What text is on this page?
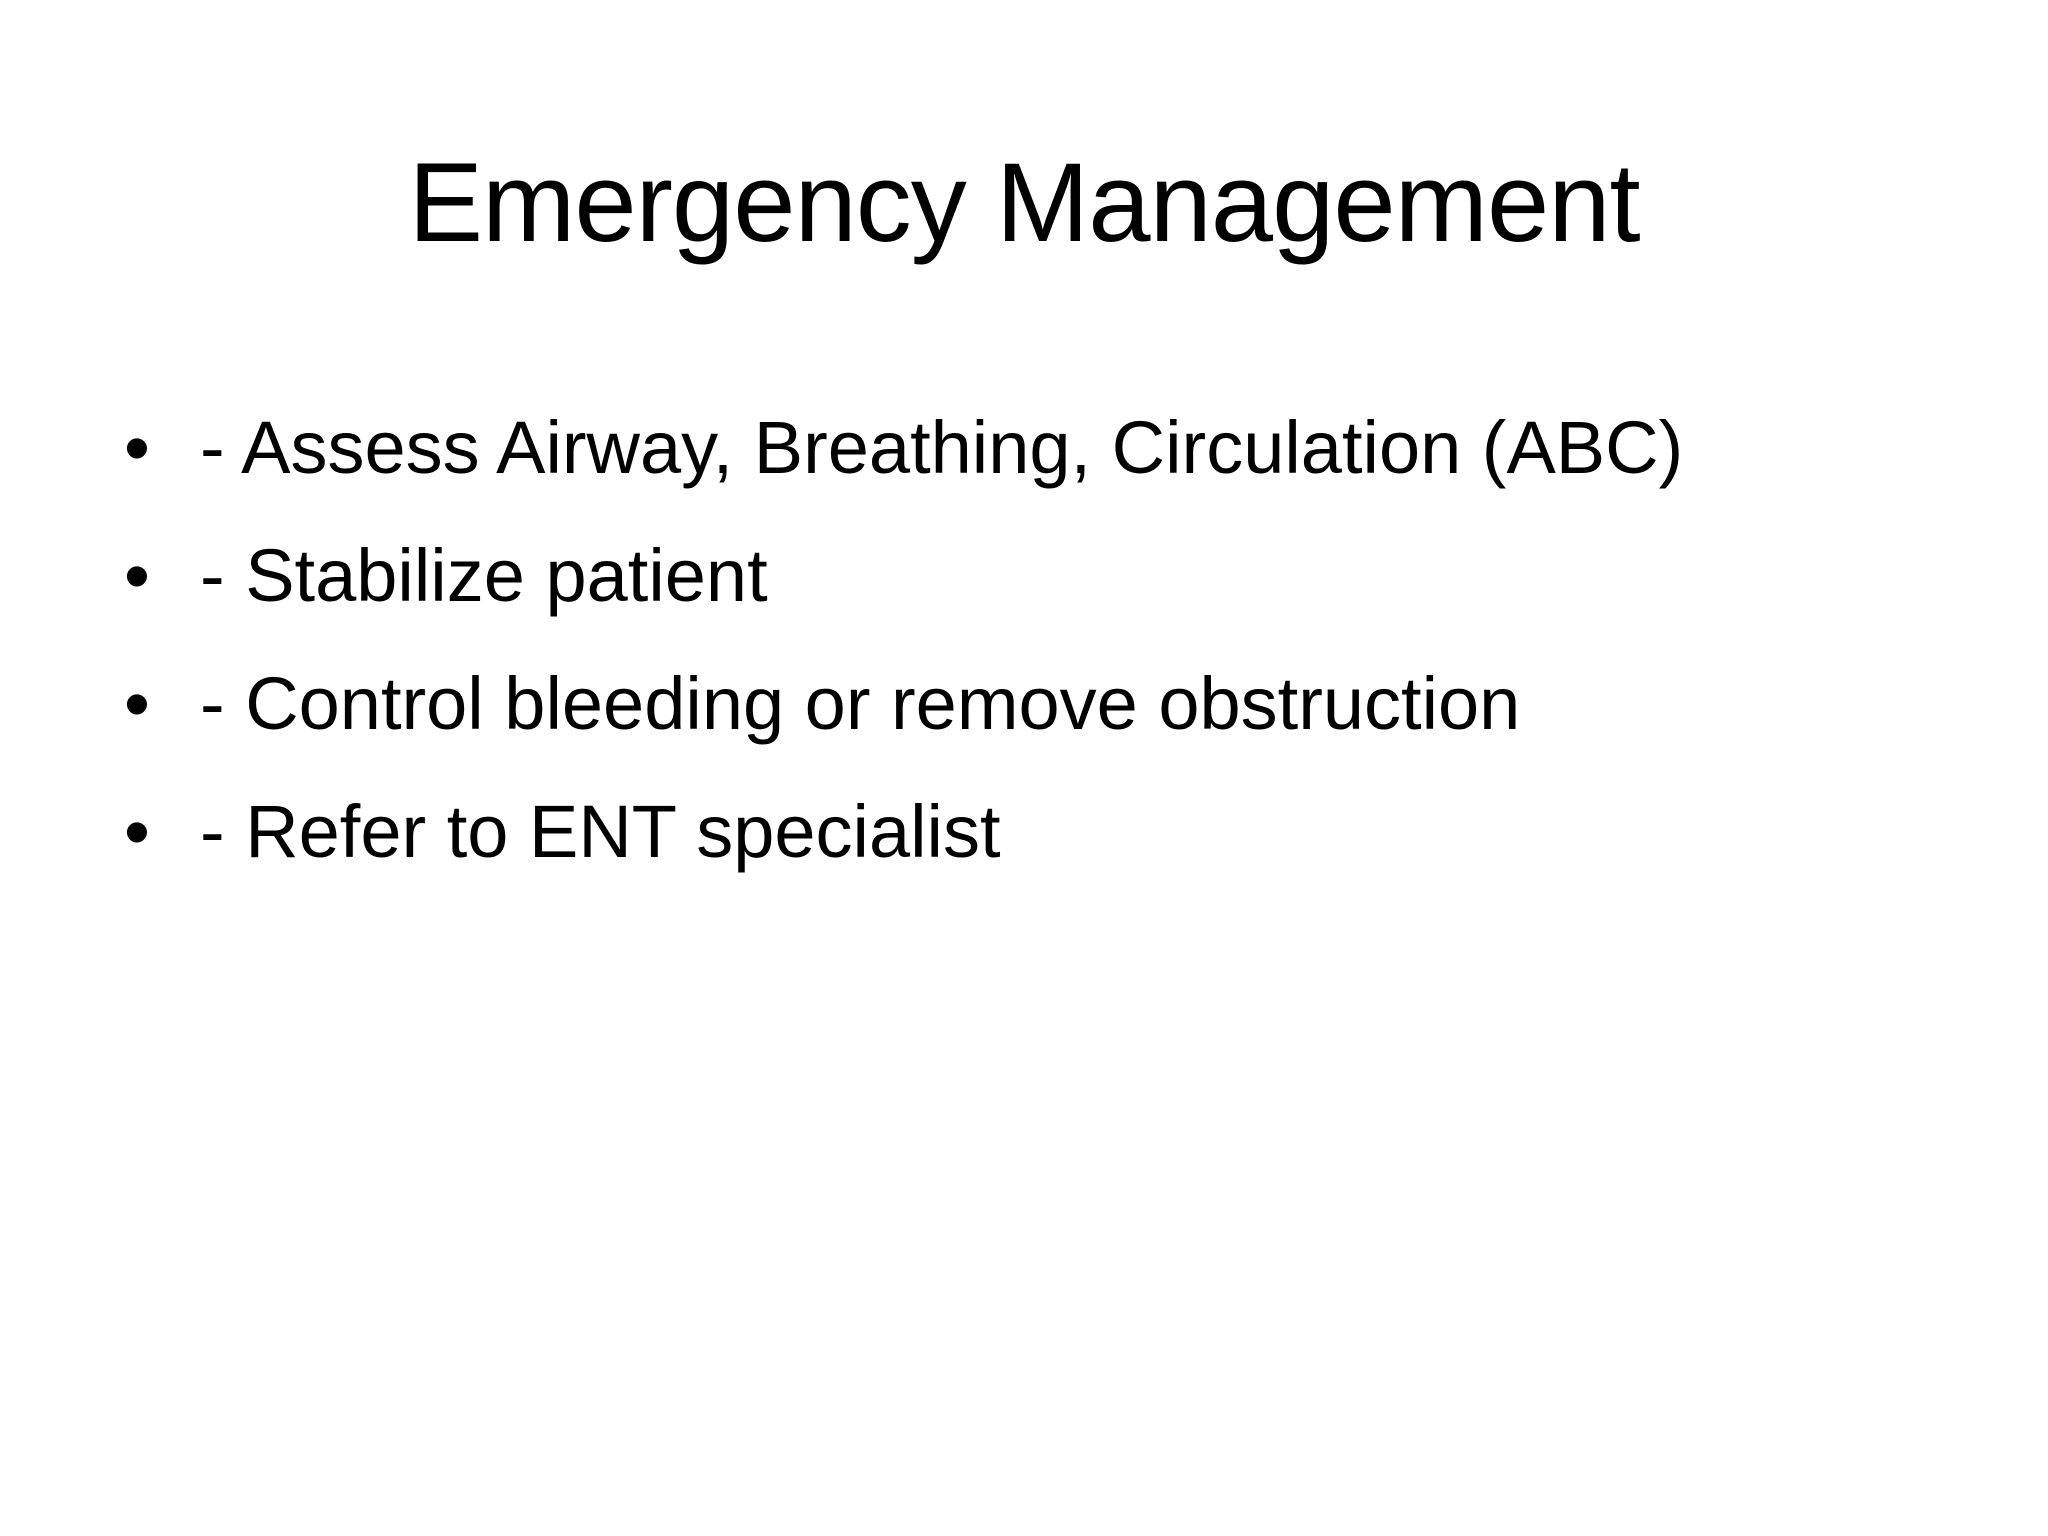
Emergency Management
• - Assess Airway, Breathing, Circulation (ABC)
• - Stabilize patient
• - Control bleeding or remove obstruction
• - Refer to ENT specialist
